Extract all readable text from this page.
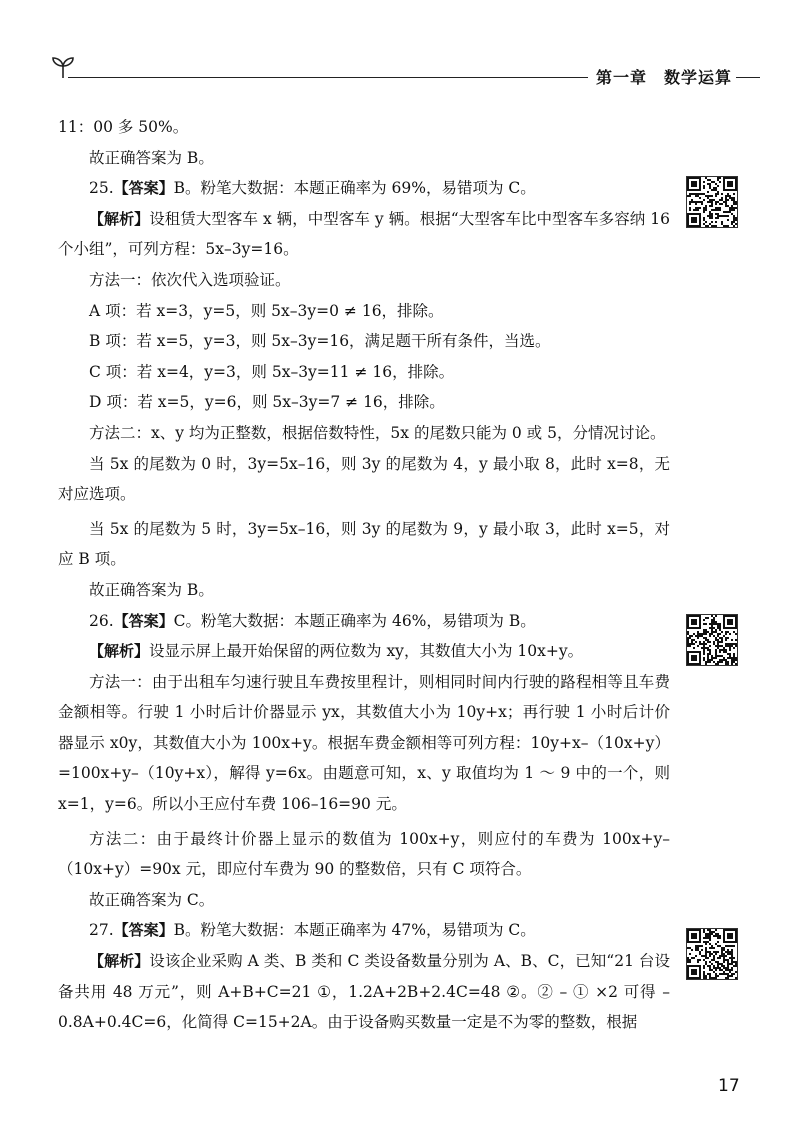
第一章　数学运算

11：00 多 50%。

故正确答案为 B。

25.【答案】B。粉笔大数据：本题正确率为 69%，易错项为 C。

【解析】设租赁大型客车 x 辆，中型客车 y 辆。根据“大型客车比中型客车多容纳 16 个小组”，可列方程：5x–3y=16。

方法一：依次代入选项验证。

A 项：若 x=3，y=5，则 5x–3y=0 ≠ 16，排除。

B 项：若 x=5，y=3，则 5x–3y=16，满足题干所有条件，当选。

C 项：若 x=4，y=3，则 5x–3y=11 ≠ 16，排除。

D 项：若 x=5，y=6，则 5x–3y=7 ≠ 16，排除。

方法二：x、y 均为正整数，根据倍数特性，5x 的尾数只能为 0 或 5，分情况讨论。

当 5x 的尾数为 0 时，3y=5x–16，则 3y 的尾数为 4，y 最小取 8，此时 x=8，无对应选项。

当 5x 的尾数为 5 时，3y=5x–16，则 3y 的尾数为 9，y 最小取 3，此时 x=5，对应 B 项。

故正确答案为 B。

26.【答案】C。粉笔大数据：本题正确率为 46%，易错项为 B。

【解析】设显示屏上最开始保留的两位数为 xy，其数值大小为 10x+y。

方法一：由于出租车匀速行驶且车费按里程计，则相同时间内行驶的路程相等且车费金额相等。行驶 1 小时后计价器显示 yx，其数值大小为 10y+x；再行驶 1 小时后计价器显示 x0y，其数值大小为 100x+y。根据车费金额相等可列方程：10y+x–（10x+y）=100x+y–（10y+x），解得 y=6x。由题意可知，x、y 取值均为 1 ～ 9 中的一个，则 x=1，y=6。所以小王应付车费 106–16=90 元。

方法二：由于最终计价器上显示的数值为 100x+y，则应付的车费为 100x+y–（10x+y）=90x 元，即应付车费为 90 的整数倍，只有 C 项符合。

故正确答案为 C。

27.【答案】B。粉笔大数据：本题正确率为 47%，易错项为 C。

【解析】设该企业采购 A 类、B 类和 C 类设备数量分别为 A、B、C，已知“21 台设备共用 48 万元”，则 A+B+C=21 ①，1.2A+2B+2.4C=48 ②。② – ① ×2 可得 –0.8A+0.4C=6，化简得 C=15+2A。由于设备购买数量一定是不为零的整数，根据

17
